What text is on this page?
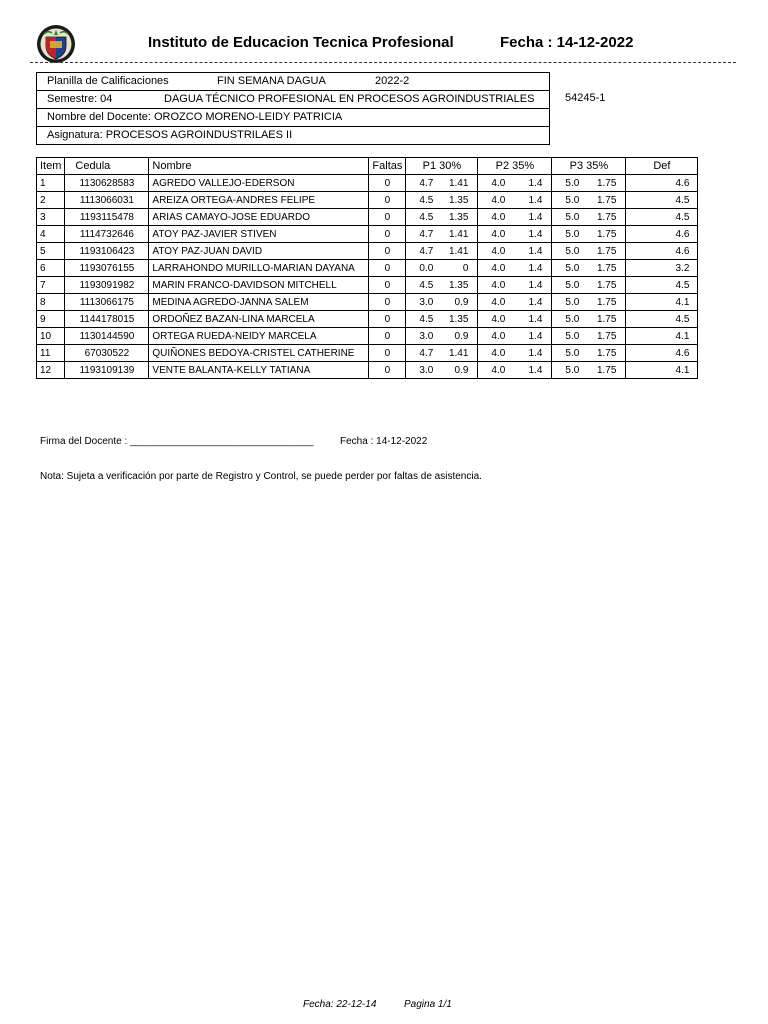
Instituto de Educacion Tecnica Profesional	Fecha : 14-12-2022
Planilla de Calificaciones	FIN SEMANA DAGUA	2022-2
Semestre: 04	DAGUA TÉCNICO PROFESIONAL EN PROCESOS AGROINDUSTRIALES
Nombre del Docente: OROZCO MORENO-LEIDY PATRICIA
Asignatura: PROCESOS AGROINDUSTRILAES II
54245-1
Item	Cedula	Nombre	Faltas	P1 30%	P2 35%	P3 35%	Def
1	1130628583	AGREDO VALLEJO-EDERSON	0	4.7 1.41	4.0 1.4	5.0 1.75	4.6
2	1113066031	AREIZA ORTEGA-ANDRES FELIPE	0	4.5 1.35	4.0 1.4	5.0 1.75	4.5
3	1193115478	ARIAS CAMAYO-JOSE EDUARDO	0	4.5 1.35	4.0 1.4	5.0 1.75	4.5
4	1114732646	ATOY PAZ-JAVIER STIVEN	0	4.7 1.41	4.0 1.4	5.0 1.75	4.6
5	1193106423	ATOY PAZ-JUAN DAVID	0	4.7 1.41	4.0 1.4	5.0 1.75	4.6
6	1193076155	LARRAHONDO MURILLO-MARIAN DAYANA	0	0.0 0	4.0 1.4	5.0 1.75	3.2
7	1193091982	MARIN FRANCO-DAVIDSON MITCHELL	0	4.5 1.35	4.0 1.4	5.0 1.75	4.5
8	1113066175	MEDINA AGREDO-JANNA SALEM	0	3.0 0.9	4.0 1.4	5.0 1.75	4.1
9	1144178015	ORDOÑEZ BAZAN-LINA MARCELA	0	4.5 1.35	4.0 1.4	5.0 1.75	4.5
10	1130144590	ORTEGA RUEDA-NEIDY MARCELA	0	3.0 0.9	4.0 1.4	5.0 1.75	4.1
11	67030522	QUIÑONES BEDOYA-CRISTEL CATHERINE	0	4.7 1.41	4.0 1.4	5.0 1.75	4.6
12	1193109139	VENTE BALANTA-KELLY TATIANA	0	3.0 0.9	4.0 1.4	5.0 1.75	4.1
Firma del Docente : _________________________________	Fecha : 14-12-2022
Nota: Sujeta a verificación por parte de Registro y Control, se puede perder por faltas de asistencia.
Fecha: 22-12-14	Pagina 1/1
